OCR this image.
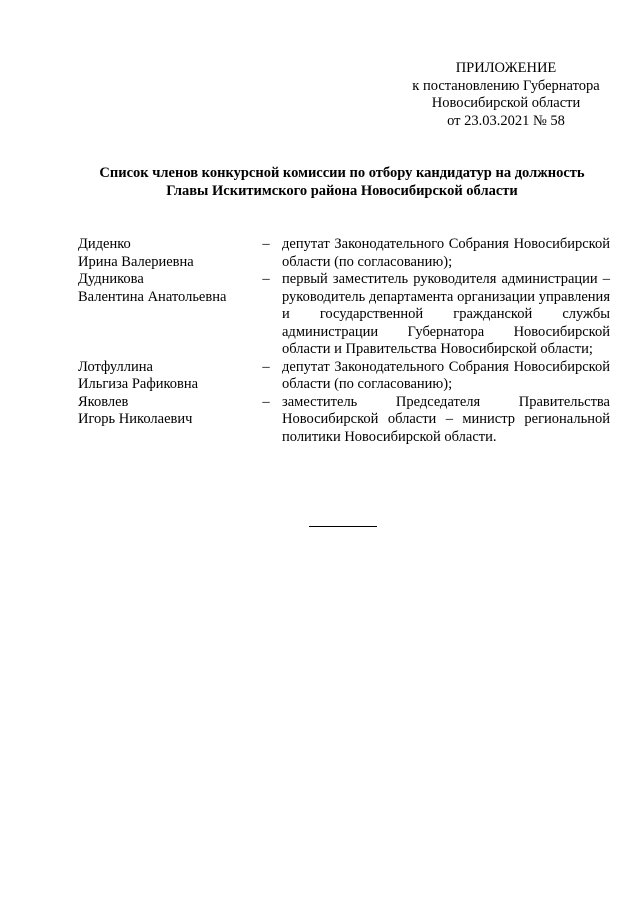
ПРИЛОЖЕНИЕ
к постановлению Губернатора
Новосибирской области
от 23.03.2021 № 58
Список членов конкурсной комиссии по отбору кандидатур на должность
Главы Искитимского района Новосибирской области
Диденко
Ирина Валериевна
– депутат Законодательного Собрания Новосибирской области (по согласованию);
Дудникова
Валентина Анатольевна
– первый заместитель руководителя администрации – руководитель департамента организации управления и государственной гражданской службы администрации Губернатора Новосибирской области и Правительства Новосибирской области;
Лотфуллина
Ильгиза Рафиковна
– депутат Законодательного Собрания Новосибирской области (по согласованию);
Яковлев
Игорь Николаевич
– заместитель Председателя Правительства Новосибирской области – министр региональной политики Новосибирской области.
